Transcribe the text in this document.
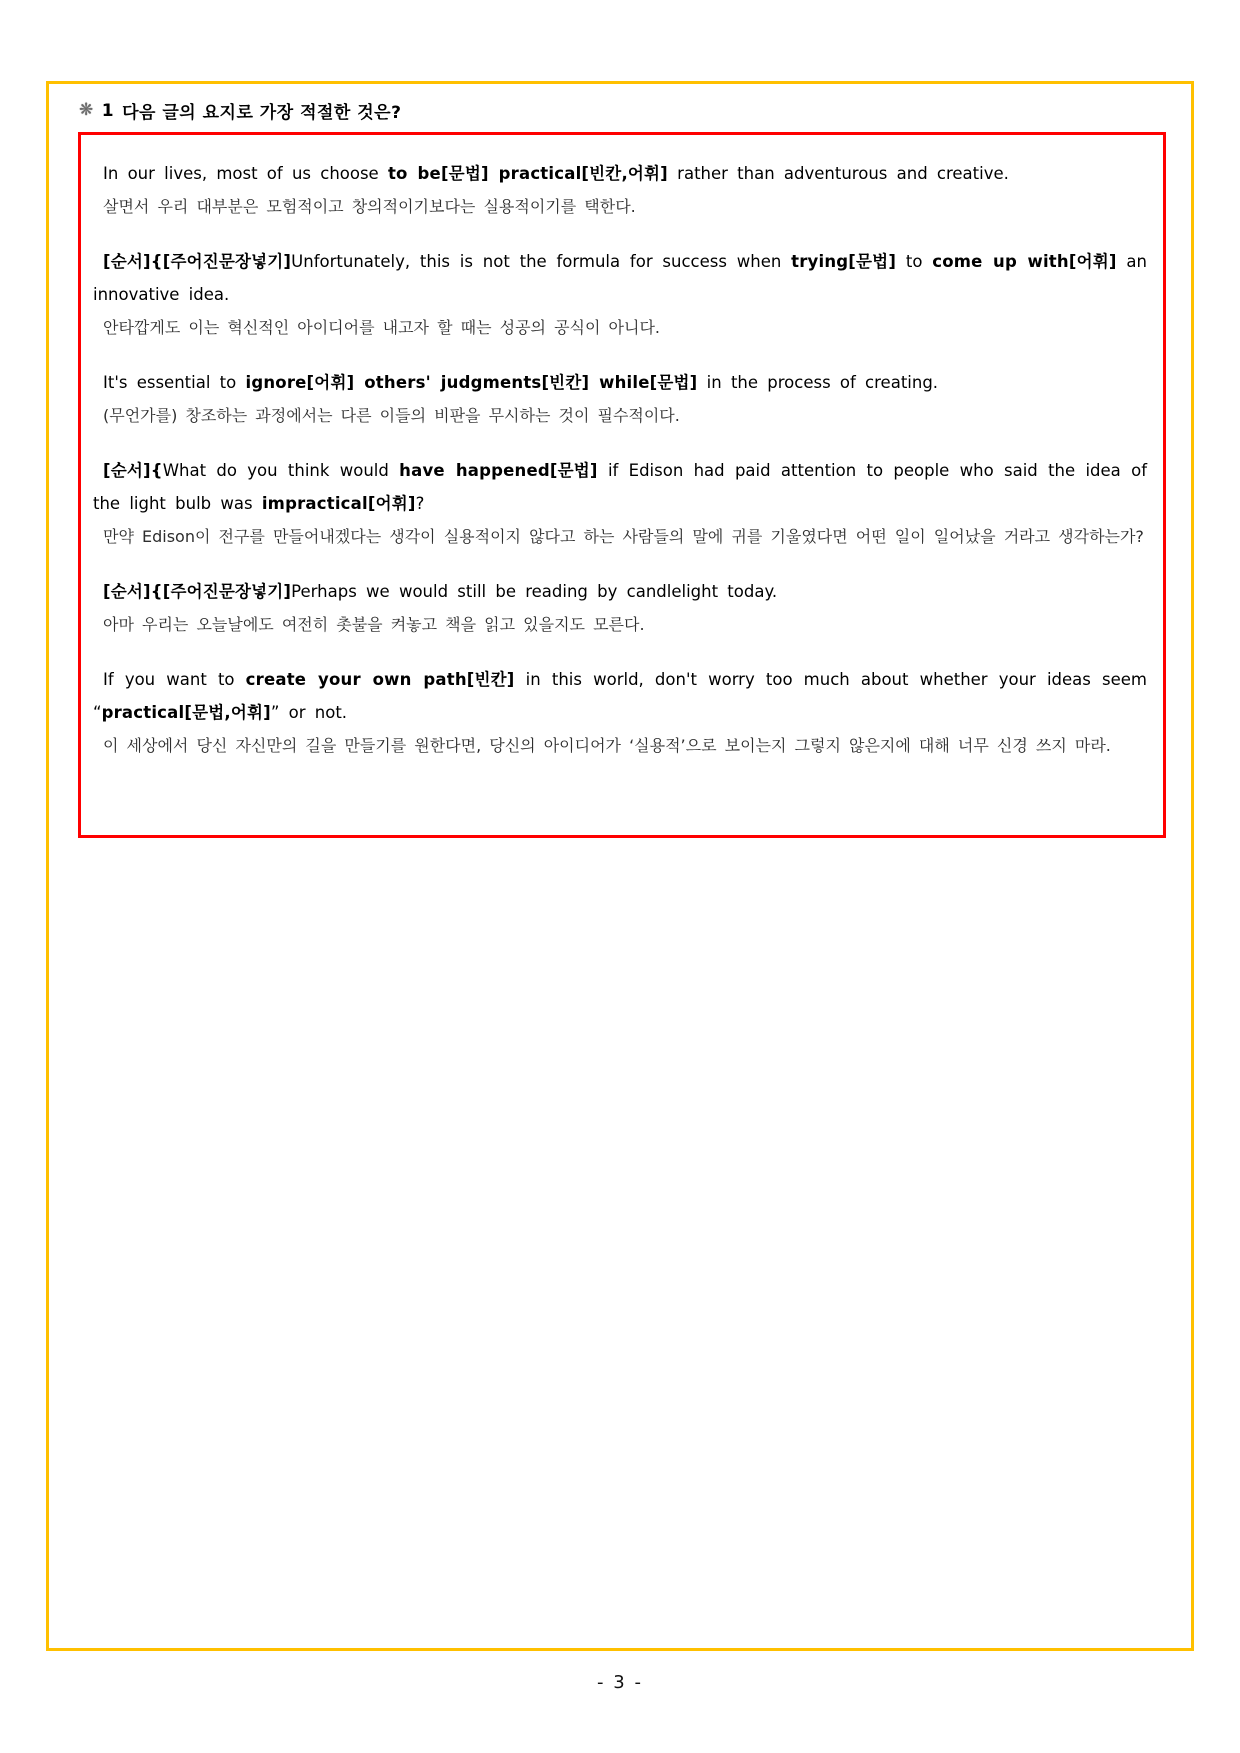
❋ 1 다음 글의 요지로 가장 적절한 것은?

In our lives, most of us choose to be[문법] practical[빈칸,어휘] rather than adventurous and creative.

살면서 우리 대부분은 모험적이고 창의적이기보다는 실용적이기를 택한다.

[순서]{[주어진문장넣기]Unfortunately, this is not the formula for success when trying[문법] to come up with[어휘] an innovative idea.

안타깝게도 이는 혁신적인 아이디어를 내고자 할 때는 성공의 공식이 아니다.

It's essential to ignore[어휘] others' judgments[빈칸] while[문법] in the process of creating.

(무언가를) 창조하는 과정에서는 다른 이들의 비판을 무시하는 것이 필수적이다.

[순서]{What do you think would have happened[문법] if Edison had paid attention to people who said the idea of the light bulb was impractical[어휘]?

만약 Edison이 전구를 만들어내겠다는 생각이 실용적이지 않다고 하는 사람들의 말에 귀를 기울였다면 어떤 일이 일어났을 거라고 생각하는가?

[순서]{[주어진문장넣기]Perhaps we would still be reading by candlelight today.

아마 우리는 오늘날에도 여전히 촛불을 켜놓고 책을 읽고 있을지도 모른다.

If you want to create your own path[빈칸] in this world, don't worry too much about whether your ideas seem “practical[문법,어휘]” or not.

이 세상에서 당신 자신만의 길을 만들기를 원한다면, 당신의 아이디어가 ‘실용적’으로 보이는지 그렇지 않은지에 대해 너무 신경 쓰지 마라.

- 3 -
